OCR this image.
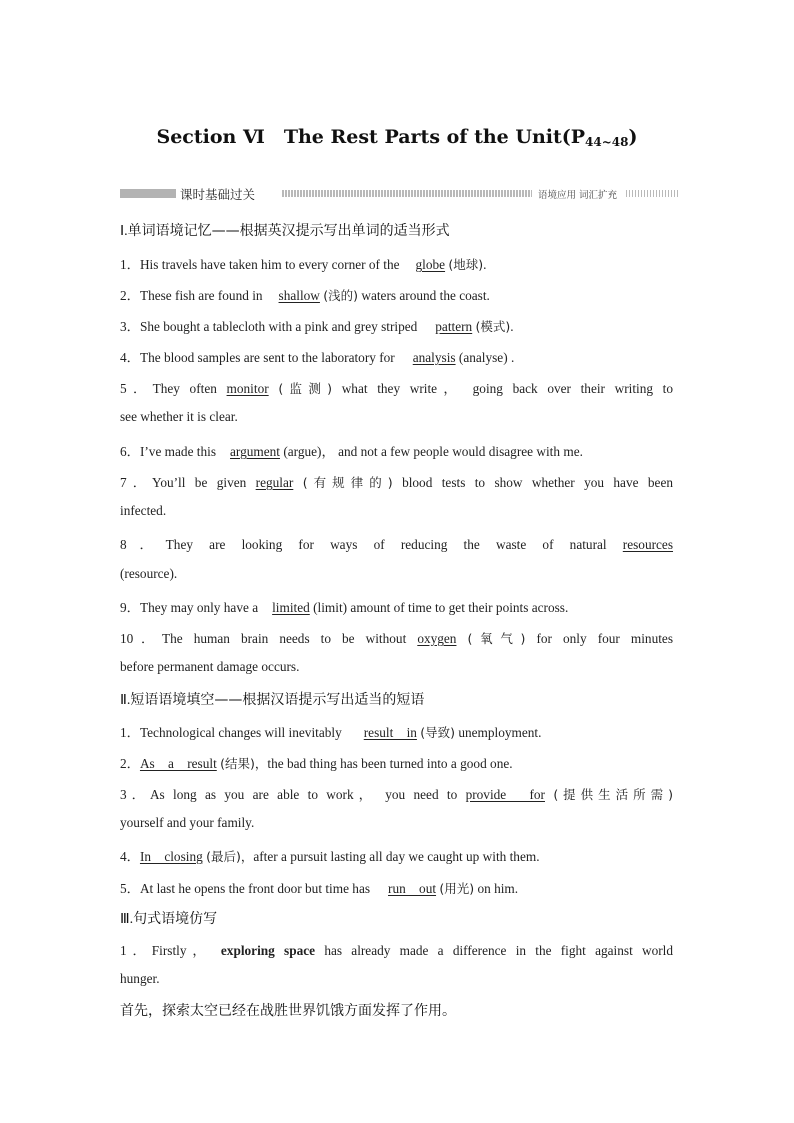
Section Ⅵ　The Rest Parts of the $Unit(P_{44\sim 48})$
课时基础过关	语境应用 词汇扩充
Ⅰ.单词语境记忆——根据英汉提示写出单词的适当形式
1．His travels have taken him to every corner of the globe (地球).
2．These fish are found in shallow (浅的) waters around the coast.
3．She bought a tablecloth with a pink and grey striped pattern (模式).
4．The blood samples are sent to the laboratory for analysis (analyse) .
5．They often monitor (监测) what they write， going back over their writing to
see whether it is clear.
6．I’ve made this argument (argue)， and not a few people would disagree with me.
7．You’ll be given regular (有规律的) blood tests to show whether you have been
infected.
8．They are looking for ways of reducing the waste of natural resources
(resource).
9．They may only have a limited (limit) amount of time to get their points across.
10．The human brain needs to be without oxygen (氧气) for only four minutes
before permanent damage occurs.
Ⅱ.短语语境填空——根据汉语提示写出适当的短语
1．Technological changes will inevitably result　in (导致) unemployment.
2．As　a　result (结果)，the bad thing has been turned into a good one.
3．As long as you are able to work， you need to provide　for (提供生活所需)
yourself and your family.
4．In　closing (最后)，after a pursuit lasting all day we caught up with them.
5．At last he opens the front door but time has run　out (用光) on him.
Ⅲ.句式语境仿写
1．Firstly， exploring space has already made a difference in the fight against world
hunger.
首先，探索太空已经在战胜世界饥饿方面发挥了作用。
